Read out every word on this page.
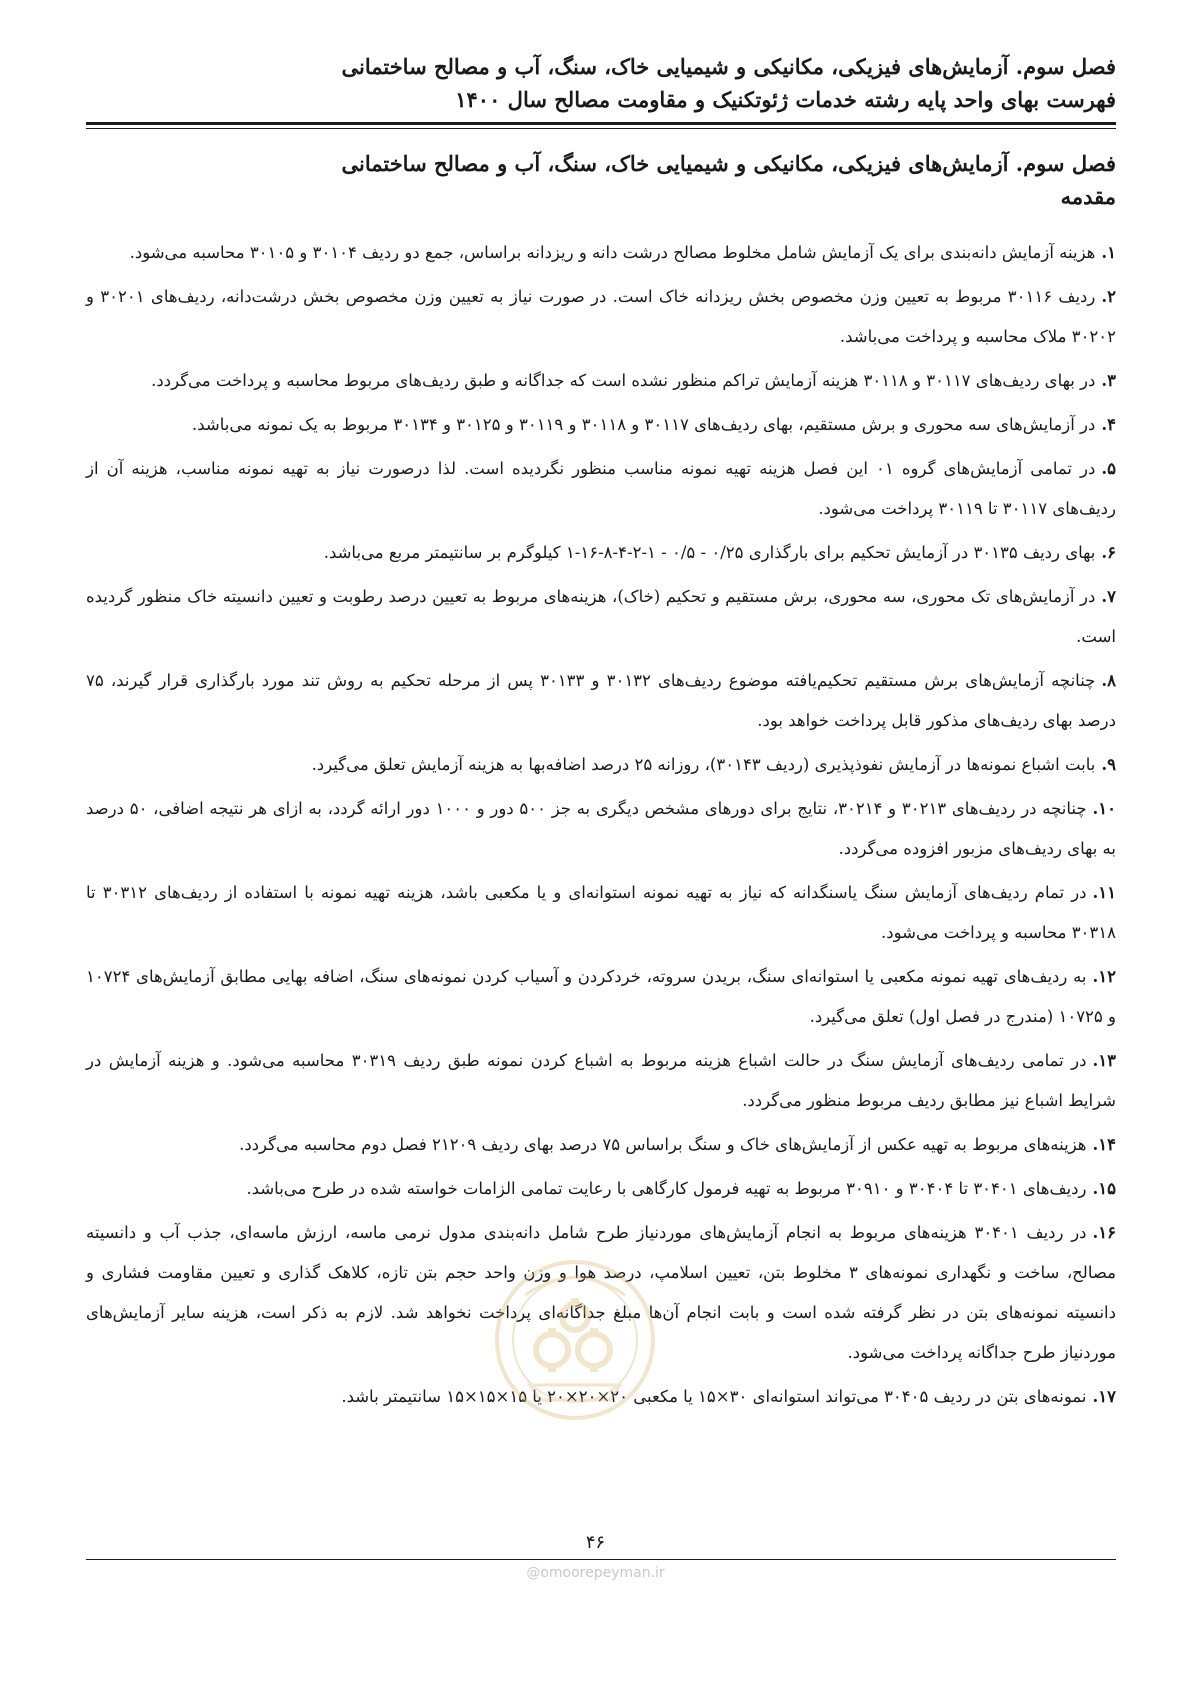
فصل سوم. آزمایش‌های فیزیکی، مکانیکی و شیمیایی خاک، سنگ، آب و مصالح ساختمانی

فهرست بهای واحد پایه رشته خدمات ژئوتکنیک و مقاومت مصالح سال ۱۴۰۰

فصل سوم. آزمایش‌های فیزیکی، مکانیکی و شیمیایی خاک، سنگ، آب و مصالح ساختمانی
مقدمه
۱.هزینه آزمایش دانه‌بندی برای یک آزمایش شامل مخلوط مصالح درشت دانه و ریزدانه براساس، جمع دو ردیف ۳۰۱۰۴ و ۳۰۱۰۵ محاسبه می‌شود.
۲.ردیف ۳۰۱۱۶ مربوط به تعیین وزن مخصوص بخش ریزدانه خاک است. در صورت نیاز به تعیین وزن مخصوص بخش درشت‌دانه، ردیف‌های ۳۰۲۰۱ و ۳۰۲۰۲ ملاک محاسبه و پرداخت می‌باشد.
۳.در بهای ردیف‌های ۳۰۱۱۷ و ۳۰۱۱۸ هزینه آزمایش تراکم منظور نشده است که جداگانه و طبق ردیف‌های مربوط محاسبه و پرداخت می‌گردد.
۴.در آزمایش‌های سه محوری و برش مستقیم، بهای ردیف‌های ۳۰۱۱۷ و ۳۰۱۱۸ و ۳۰۱۱۹ و ۳۰۱۲۵ و ۳۰۱۳۴ مربوط به یک نمونه می‌باشد.
۵.در تمامی آزمایش‌های گروه ۰۱ این فصل هزینه تهیه نمونه مناسب منظور نگردیده است. لذا درصورت نیاز به تهیه نمونه مناسب، هزینه آن از ردیف‌های ۳۰۱۱۷ تا ۳۰۱۱۹ پرداخت می‌شود.
۶.بهای ردیف ۳۰۱۳۵ در آزمایش تحکیم برای بارگذاری ۰/۲۵ - ۰/۵ - ۱-۲-۴-۸-۱۶-۱ کیلوگرم بر سانتیمتر مربع می‌باشد.
۷.در آزمایش‌های تک محوری، سه محوری، برش مستقیم و تحکیم (خاک)، هزینه‌های مربوط به تعیین درصد رطوبت و تعیین دانسیته خاک منظور گردیده است.
۸.چنانچه آزمایش‌های برش مستقیم تحکیم‌یافته موضوع ردیف‌های ۳۰۱۳۲ و ۳۰۱۳۳ پس از مرحله تحکیم به روش تند مورد بارگذاری قرار گیرند، ۷۵ درصد بهای ردیف‌های مذکور قابل پرداخت خواهد بود.
۹.بابت اشباع نمونه‌ها در آزمایش نفوذپذیری (ردیف ۳۰۱۴۳)، روزانه ۲۵ درصد اضافه‌بها به هزینه آزمایش تعلق می‌گیرد.
۱۰.چنانچه در ردیف‌های ۳۰۲۱۳ و ۳۰۲۱۴، نتایج برای دورهای مشخص دیگری به جز ۵۰۰ دور و ۱۰۰۰ دور ارائه گردد، به ازای هر نتیجه اضافی، ۵۰ درصد به بهای ردیف‌های مزبور افزوده می‌گردد.
۱۱.در تمام ردیف‌های آزمایش سنگ یاسنگدانه که نیاز به تهیه نمونه استوانه‌ای و یا مکعبی باشد، هزینه تهیه نمونه با استفاده از ردیف‌های ۳۰۳۱۲ تا ۳۰۳۱۸ محاسبه و پرداخت می‌شود.
۱۲.به ردیف‌های تهیه نمونه مکعبی یا استوانه‌ای سنگ، بریدن سروته، خردکردن و آسیاب کردن نمونه‌های سنگ، اضافه بهایی مطابق آزمایش‌های ۱۰۷۲۴ و ۱۰۷۲۵ (مندرج در فصل اول) تعلق می‌گیرد.
۱۳.در تمامی ردیف‌های آزمایش سنگ در حالت اشباع هزینه مربوط به اشباع کردن نمونه طبق ردیف ۳۰۳۱۹ محاسبه می‌شود. و هزینه آزمایش در شرایط اشباع نیز مطابق ردیف مربوط منظور می‌گردد.
۱۴.هزینه‌های مربوط به تهیه عکس از آزمایش‌های خاک و سنگ براساس ۷۵ درصد بهای ردیف ۲۱۲۰۹ فصل دوم محاسبه می‌گردد.
۱۵.ردیف‌های ۳۰۴۰۱ تا ۳۰۴۰۴ و ۳۰۹۱۰ مربوط به تهیه فرمول کارگاهی با رعایت تمامی الزامات خواسته شده در طرح می‌باشد.
۱۶.در ردیف ۳۰۴۰۱ هزینه‌های مربوط به انجام آزمایش‌های موردنیاز طرح شامل دانه‌بندی مدول نرمی ماسه، ارزش ماسه‌ای، جذب آب و دانسیته مصالح، ساخت و نگهداری نمونه‌های ۳ مخلوط بتن، تعیین اسلامپ، درصد هوا و وزن واحد حجم بتن تازه، کلاهک گذاری و تعیین مقاومت فشاری و دانسیته نمونه‌های بتن در نظر گرفته شده است و بابت انجام آن‌ها مبلغ جداگانه‌ای پرداخت نخواهد شد. لازم به ذکر است، هزینه سایر آزمایش‌های موردنیاز طرح جداگانه پرداخت می‌شود.
۱۷.نمونه‌های بتن در ردیف ۳۰۴۰۵ می‌تواند استوانه‌ای ۳۰×۱۵ یا مکعبی ۲۰×۲۰×۲۰ یا ۱۵×۱۵×۱۵ سانتیمتر باشد.
۴۶
@omoorepeyman.ir
